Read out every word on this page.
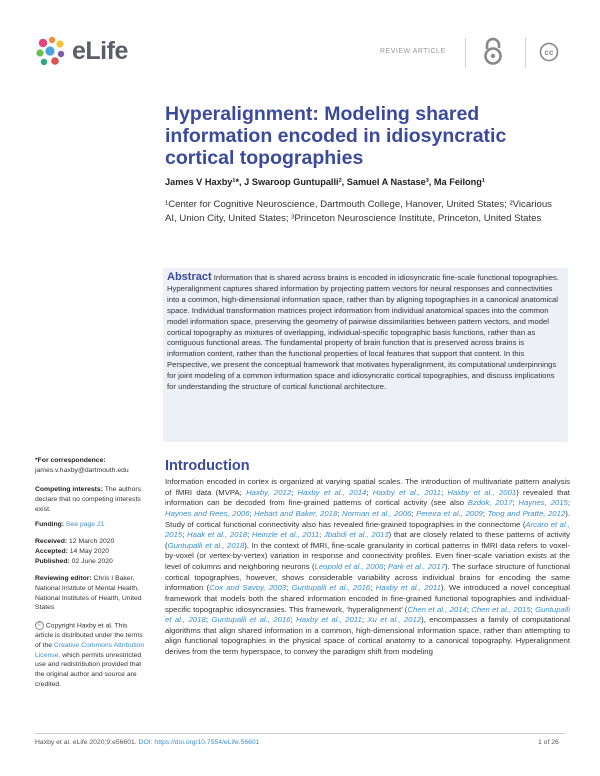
eLife	REVIEW ARTICLE	cc
Hyperalignment: Modeling shared information encoded in idiosyncratic cortical topographies
James V Haxby¹*, J Swaroop Guntupalli², Samuel A Nastase³, Ma Feilong¹
¹Center for Cognitive Neuroscience, Dartmouth College, Hanover, United States; ²Vicarious AI, Union City, United States; ³Princeton Neuroscience Institute, Princeton, United States

Abstract Information that is shared across brains is encoded in idiosyncratic fine-scale functional topographies. Hyperalignment captures shared information by projecting pattern vectors for neural responses and connectivities into a common, high-dimensional information space, rather than by aligning topographies in a canonical anatomical space. Individual transformation matrices project information from individual anatomical spaces into the common model information space, preserving the geometry of pairwise dissimilarities between pattern vectors, and model cortical topography as mixtures of overlapping, individual-specific topographic basis functions, rather than as contiguous functional areas. The fundamental property of brain function that is preserved across brains is information content, rather than the functional properties of local features that support that content. In this Perspective, we present the conceptual framework that motivates hyperalignment, its computational underpinnings for joint modeling of a common information space and idiosyncratic cortical topographies, and discuss implications for understanding the structure of cortical functional architecture.

*For correspondence:
james.v.haxby@dartmouth.edu
Competing interests: The authors declare that no competing interests exist.
Funding: See page 21
Received: 12 March 2020
Accepted: 14 May 2020
Published: 02 June 2020
Reviewing editor: Chris I Baker, National Institute of Mental Health, National Institutes of Health, United States
© Copyright Haxby et al. This article is distributed under the terms of the Creative Commons Attribution License, which permits unrestricted use and redistribution provided that the original author and source are credited.
Introduction
Information encoded in cortex is organized at varying spatial scales. The introduction of multivariate pattern analysis of fMRI data (MVPA; Haxby, 2012; Haxby et al., 2014; Haxby et al., 2011; Haxby et al., 2001) revealed that information can be decoded from fine-grained patterns of cortical activity (see also Bzdok, 2017; Haynes, 2015; Haynes and Rees, 2006; Hebart and Baker, 2018; Norman et al., 2006; Pereira et al., 2009; Tong and Pratte, 2012). Study of cortical functional connectivity also has revealed fine-grained topographies in the connectome (Arcaro et al., 2015; Haak et al., 2018; Heinzle et al., 2011; Jbabdi et al., 2013) that are closely related to these patterns of activity (Guntupalli et al., 2018). In the context of fMRI, fine-scale granularity in cortical patterns in fMRI data refers to voxel-by-voxel (or vertex-by-vertex) variation in response and connectivity profiles. Even finer-scale variation exists at the level of columns and neighboring neurons (Leopold et al., 2006; Park et al., 2017). The surface structure of functional cortical topographies, however, shows considerable variability across individual brains for encoding the same information (Cox and Savoy, 2003; Guntupalli et al., 2016; Haxby et al., 2011). We introduced a novel conceptual framework that models both the shared information encoded in fine-grained functional topographies and individual-specific topographic idiosyncrasies. This framework, ‘hyperalignment’ (Chen et al., 2014; Chen et al., 2015; Guntupalli et al., 2018; Guntupalli et al., 2016; Haxby et al., 2011; Xu et al., 2012), encompasses a family of computational algorithms that align shared information in a common, high-dimensional information space, rather than attempting to align functional topographies in the physical space of cortical anatomy to a canonical topography. Hyperalignment derives from the term hyperspace, to convey the paradigm shift from modeling
Haxby et al. eLife 2020;9:e56601. DOI: https://doi.org/10.7554/eLife.56601	1 of 26
